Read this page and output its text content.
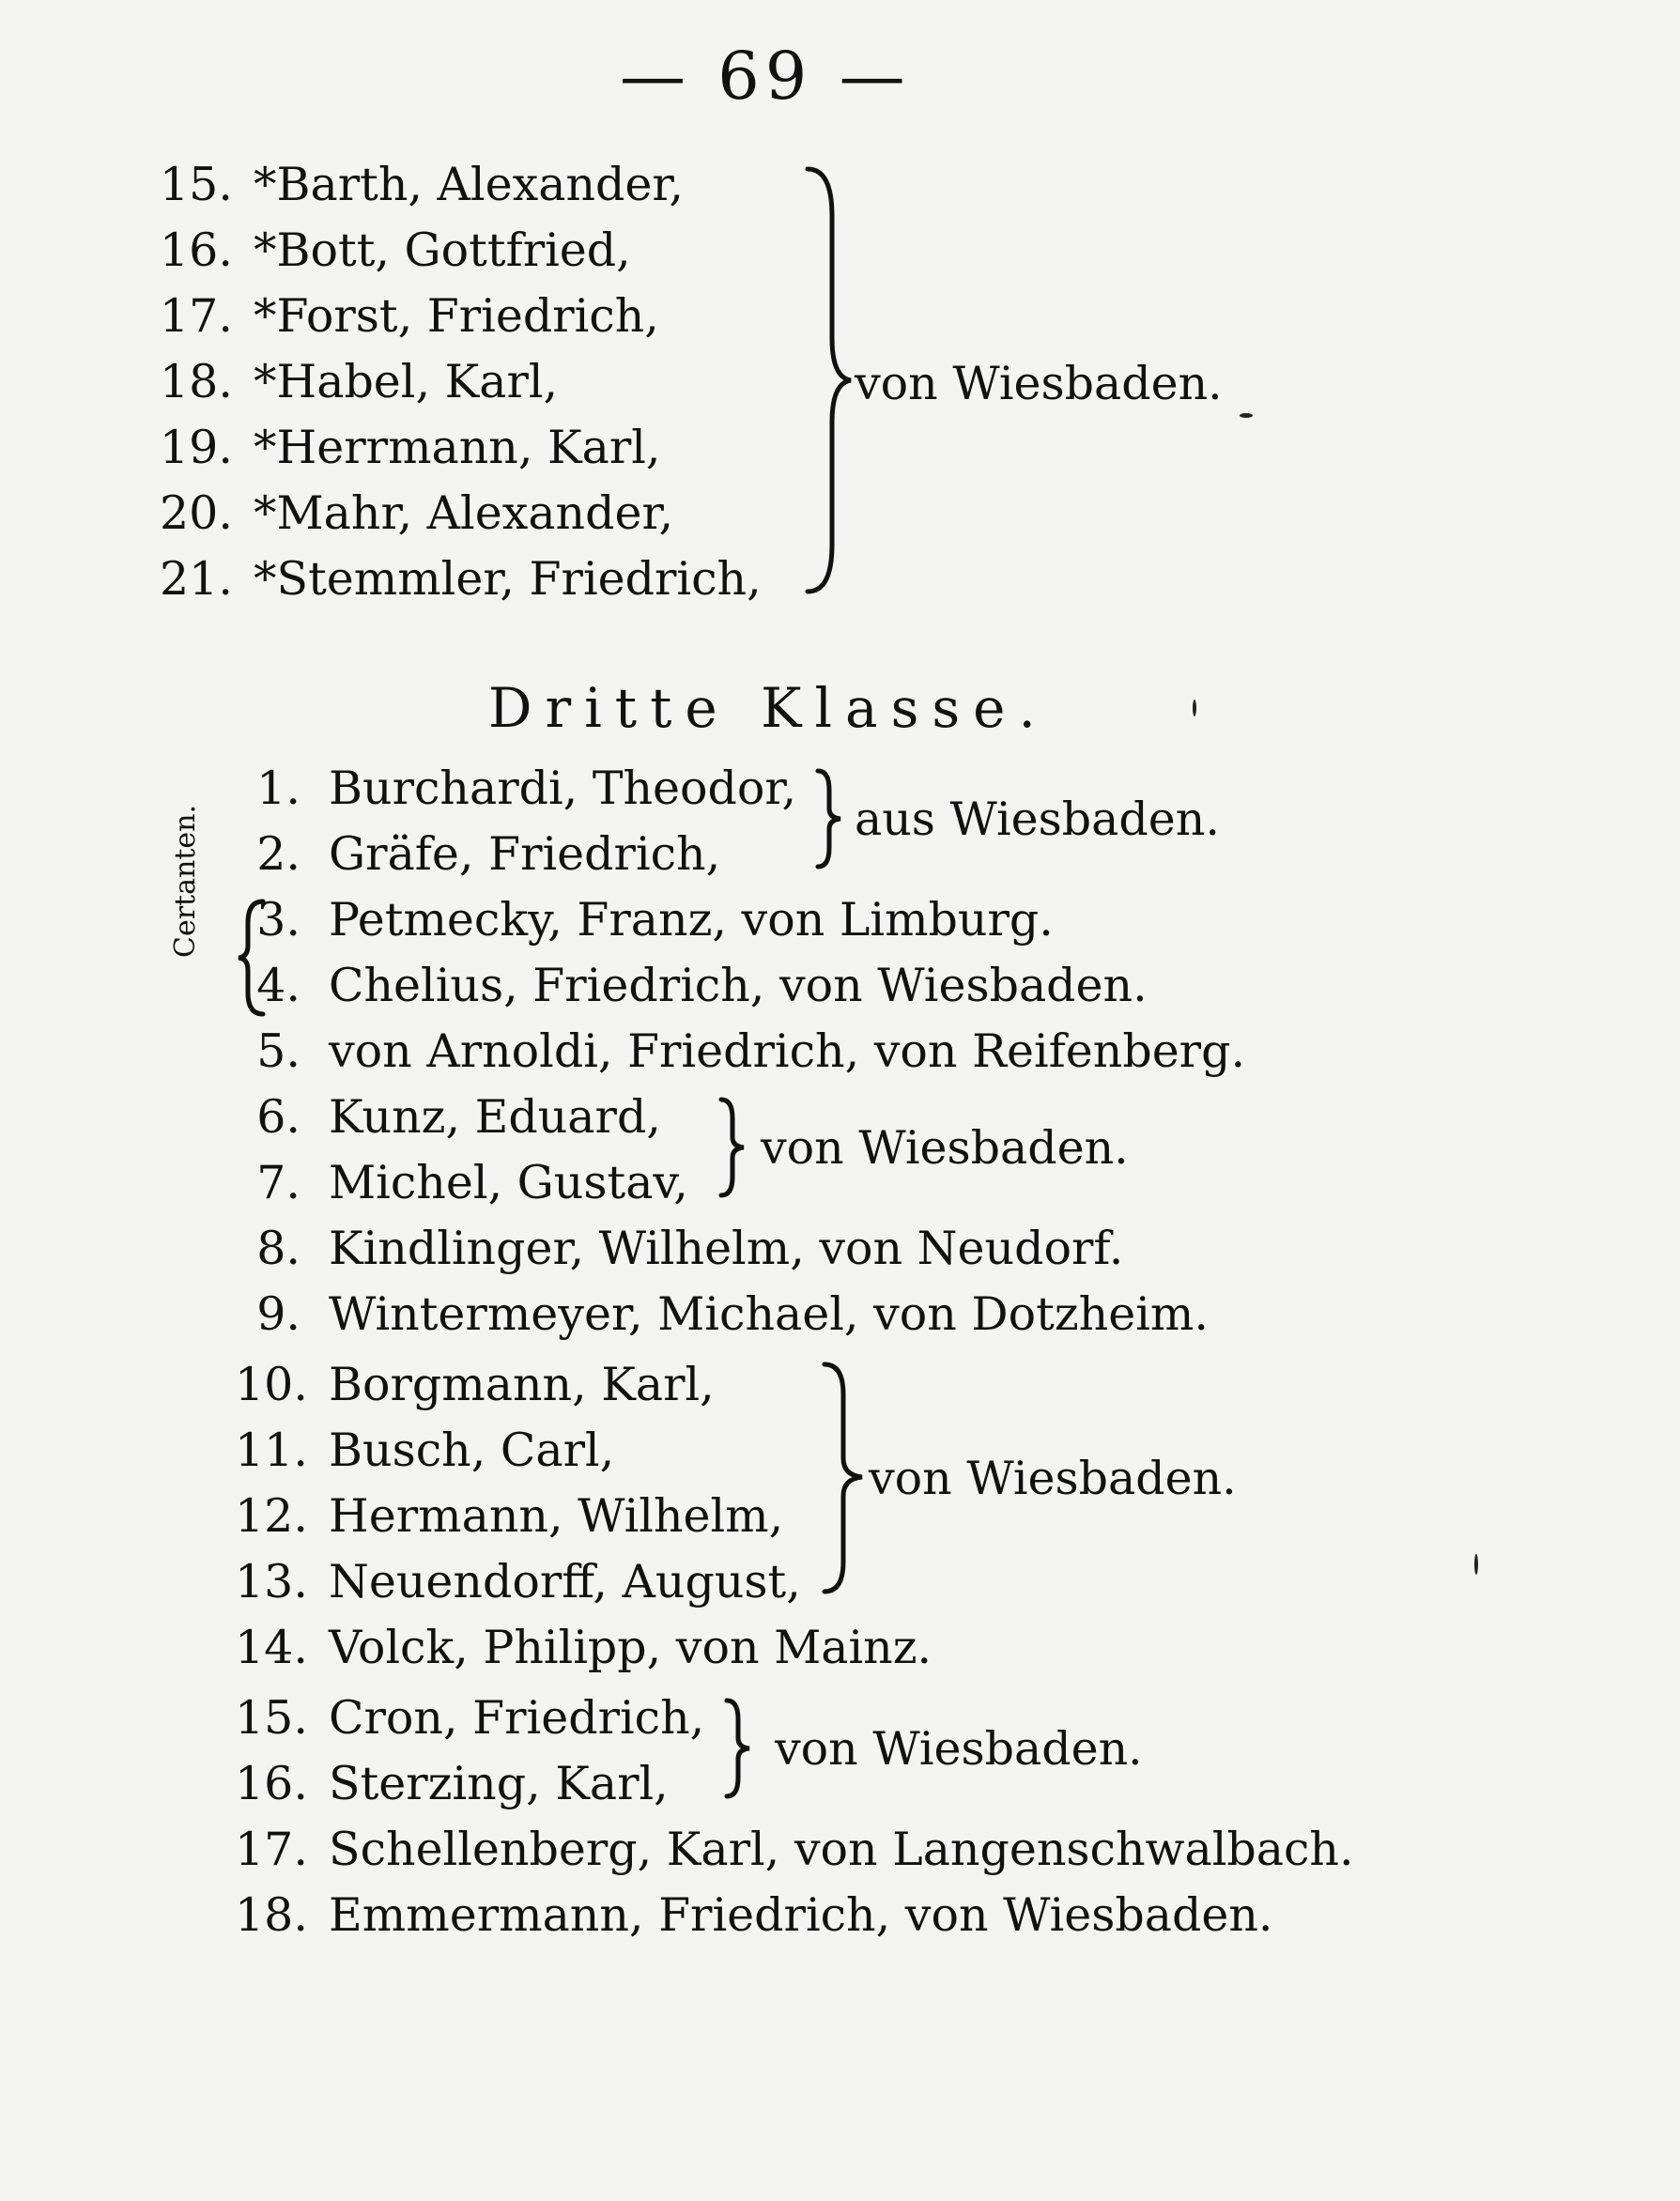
— 69 —
15. *Barth, Alexander,
16. *Bott, Gottfried,
17. *Forst, Friedrich,
18. *Habel, Karl,
19. *Herrmann, Karl,
20. *Mahr, Alexander,
21. *Stemmler, Friedrich,
von Wiesbaden.
Dritte Klasse.
Certanten.
1. Burchardi, Theodor,
2. Gräfe, Friedrich,
3. Petmecky, Franz, von Limburg.
4. Chelius, Friedrich, von Wiesbaden.
5. von Arnoldi, Friedrich, von Reifenberg.
6. Kunz, Eduard,
7. Michel, Gustav,
8. Kindlinger, Wilhelm, von Neudorf.
9. Wintermeyer, Michael, von Dotzheim.
10. Borgmann, Karl,
11. Busch, Carl,
12. Hermann, Wilhelm,
13. Neuendorff, August,
14. Volck, Philipp, von Mainz.
15. Cron, Friedrich,
16. Sterzing, Karl,
17. Schellenberg, Karl, von Langenschwalbach.
18. Emmermann, Friedrich, von Wiesbaden.
aus Wiesbaden.
von Wiesbaden.
von Wiesbaden.
von Wiesbaden.
